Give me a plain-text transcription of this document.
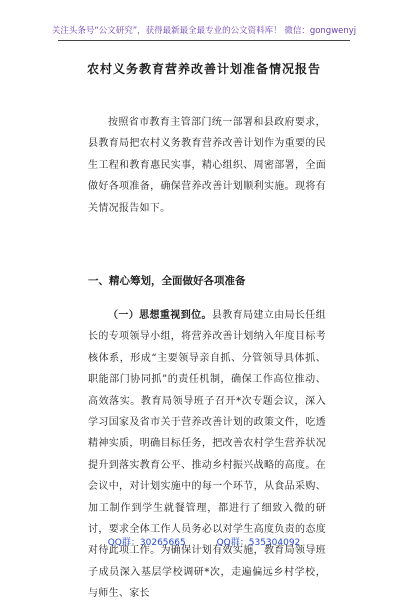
关注头条号“公文研究”，获得最新最全最专业的公文资料库！ 微信：gongwenyj
农村义务教育营养改善计划准备情况报告
按照省市教育主管部门统一部署和县政府要求，县教育局把农村义务教育营养改善计划作为重要的民生工程和教育惠民实事，精心组织、周密部署，全面做好各项准备，确保营养改善计划顺利实施。现将有关情况报告如下。
一、精心筹划，全面做好各项准备
（一）思想重视到位。县教育局建立由局长任组长的专项领导小组，将营养改善计划纳入年度目标考核体系，形成“主要领导亲自抓、分管领导具体抓、职能部门协同抓”的责任机制，确保工作高位推动、高效落实。教育局领导班子召开*次专题会议，深入学习国家及省市关于营养改善计划的政策文件，吃透精神实质，明确目标任务，把改善农村学生营养状况提升到落实教育公平、推动乡村振兴战略的高度。在会议中，对计划实施中的每一个环节，从食品采购、加工制作到学生就餐管理，都进行了细致入微的研讨，要求全体工作人员务必以对学生高度负责的态度对待此项工作。为确保计划有效实施，教育局领导班子成员深入基层学校调研*次，走遍偏远乡村学校，与师生、家长
QQ群：30265665	QQ群：535304092
